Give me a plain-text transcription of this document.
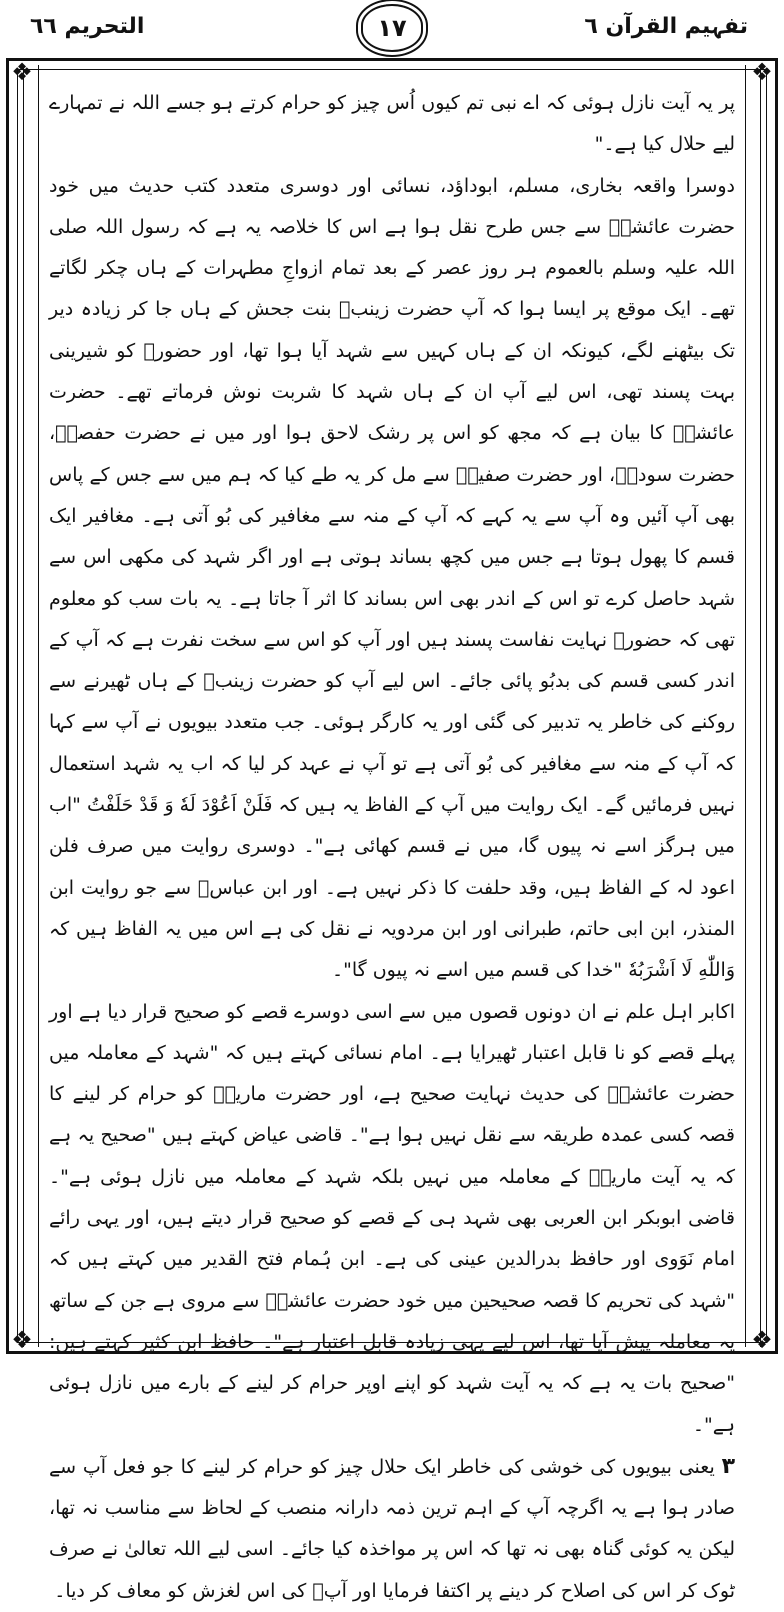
التحریم ٦٦	١٧	تفہیم القرآن ٦
❖	❖
❖	❖

پر یہ آیت نازل ہوئی کہ اے نبی تم کیوں اُس چیز کو حرام کرتے ہو جسے اللہ نے تمہارے لیے حلال کیا ہے۔"

دوسرا واقعہ بخاری، مسلم، ابوداؤد، نسائی اور دوسری متعدد کتب حدیث میں خود حضرت عائشہؓ سے جس طرح نقل ہوا ہے اس کا خلاصہ یہ ہے کہ رسول اللہ صلی اللہ علیہ وسلم بالعموم ہر روز عصر کے بعد تمام ازواجِ مطہرات کے ہاں چکر لگاتے تھے۔ ایک موقع پر ایسا ہوا کہ آپ حضرت زینبؓ بنت جحش کے ہاں جا کر زیادہ دیر تک بیٹھنے لگے، کیونکہ ان کے ہاں کہیں سے شہد آیا ہوا تھا، اور حضورؐ کو شیرینی بہت پسند تھی، اس لیے آپ ان کے ہاں شہد کا شربت نوش فرماتے تھے۔ حضرت عائشہؓ کا بیان ہے کہ مجھ کو اس پر رشک لاحق ہوا اور میں نے حضرت حفصہؓ، حضرت سودہؓ، اور حضرت صفیہؓ سے مل کر یہ طے کیا کہ ہم میں سے جس کے پاس بھی آپ آئیں وہ آپ سے یہ کہے کہ آپ کے منہ سے مغافیر کی بُو آتی ہے۔ مغافیر ایک قسم کا پھول ہوتا ہے جس میں کچھ بساند ہوتی ہے اور اگر شہد کی مکھی اس سے شہد حاصل کرے تو اس کے اندر بھی اس بساند کا اثر آ جاتا ہے۔ یہ بات سب کو معلوم تھی کہ حضورؐ نہایت نفاست پسند ہیں اور آپ کو اس سے سخت نفرت ہے کہ آپ کے اندر کسی قسم کی بدبُو پائی جائے۔ اس لیے آپ کو حضرت زینبؓ کے ہاں ٹھیرنے سے روکنے کی خاطر یہ تدبیر کی گئی اور یہ کارگر ہوئی۔ جب متعدد بیویوں نے آپ سے کہا کہ آپ کے منہ سے مغافیر کی بُو آتی ہے تو آپ نے عہد کر لیا کہ اب یہ شہد استعمال نہیں فرمائیں گے۔ ایک روایت میں آپ کے الفاظ یہ ہیں کہ فَلَنْ اَعُوْدَ لَهٗ وَ قَدْ حَلَفْتُ "اب میں ہرگز اسے نہ پیوں گا، میں نے قسم کھائی ہے"۔ دوسری روایت میں صرف فلن اعود لہ کے الفاظ ہیں، وقد حلفت کا ذکر نہیں ہے۔ اور ابن عباسؓ سے جو روایت ابن المنذر، ابن ابی حاتم، طبرانی اور ابن مردویہ نے نقل کی ہے اس میں یہ الفاظ ہیں کہ وَاللّٰهِ لَا اَشْرَبُهٗ "خدا کی قسم میں اسے نہ پیوں گا"۔

اکابر اہل علم نے ان دونوں قصوں میں سے اسی دوسرے قصے کو صحیح قرار دیا ہے اور پہلے قصے کو نا قابل اعتبار ٹھیرایا ہے۔ امام نسائی کہتے ہیں کہ "شہد کے معاملہ میں حضرت عائشہؓ کی حدیث نہایت صحیح ہے، اور حضرت ماریہؓ کو حرام کر لینے کا قصہ کسی عمدہ طریقہ سے نقل نہیں ہوا ہے"۔ قاضی عیاض کہتے ہیں "صحیح یہ ہے کہ یہ آیت ماریہؓ کے معاملہ میں نہیں بلکہ شہد کے معاملہ میں نازل ہوئی ہے"۔ قاضی ابوبکر ابن العربی بھی شہد ہی کے قصے کو صحیح قرار دیتے ہیں، اور یہی رائے امام نَوَوی اور حافظ بدرالدین عینی کی ہے۔ ابن ہُمام فتح القدیر میں کہتے ہیں کہ "شہد کی تحریم کا قصہ صحیحین میں خود حضرت عائشہؓ سے مروی ہے جن کے ساتھ یہ معاملہ پیش آیا تھا، اس لیے یہی زیادہ قابل اعتبار ہے"۔ حافظ ابن کثیر کہتے ہیں: "صحیح بات یہ ہے کہ یہ آیت شہد کو اپنے اوپر حرام کر لینے کے بارے میں نازل ہوئی ہے"۔

٣ یعنی بیویوں کی خوشی کی خاطر ایک حلال چیز کو حرام کر لینے کا جو فعل آپ سے صادر ہوا ہے یہ اگرچہ آپ کے اہم ترین ذمہ دارانہ منصب کے لحاظ سے مناسب نہ تھا، لیکن یہ کوئی گناہ بھی نہ تھا کہ اس پر مواخذہ کیا جائے۔ اسی لیے اللہ تعالیٰ نے صرف ٹوک کر اس کی اصلاح کر دینے پر اکتفا فرمایا اور آپؐ کی اس لغزش کو معاف کر دیا۔
